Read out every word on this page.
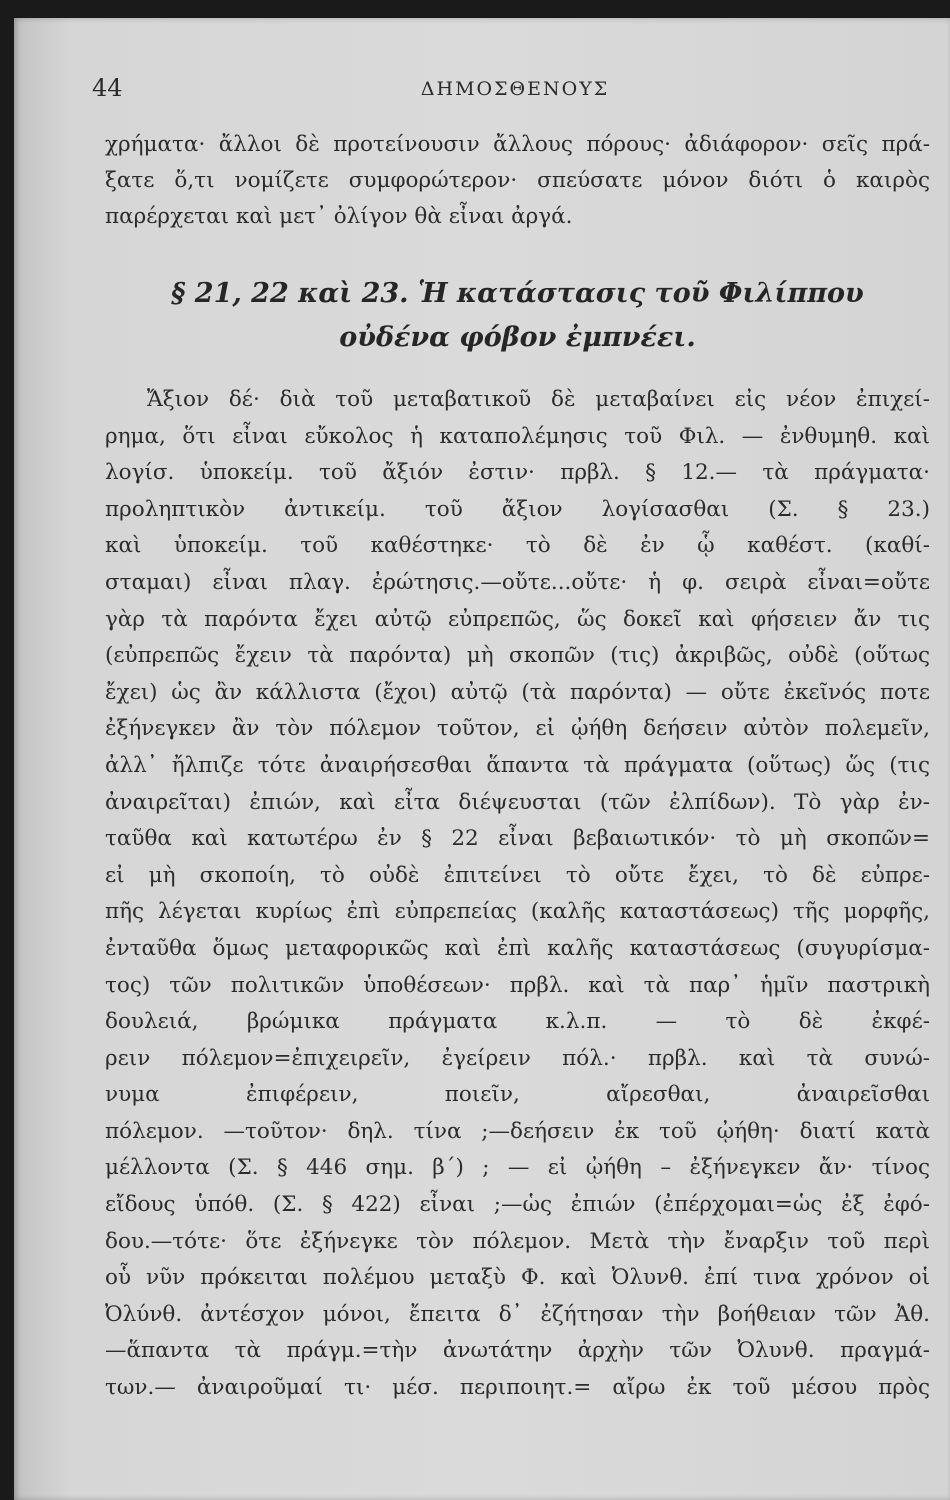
44	ΔΗΜΟΣΘΕΝΟΥΣ
χρήματα· ἄλλοι δὲ προτείνουσιν ἄλλους πόρους· ἀδιάφορον· σεῖς πρά-
ξατε ὅ,τι νομίζετε συμφορώτερον· σπεύσατε μόνον διότι ὁ καιρὸς
παρέρχεται καὶ μετ᾿ ὀλίγον θὰ εἶναι ἀργά.
§ 21, 22 καὶ 23. Ἡ κατάστασις τοῦ Φιλίππου
οὐδένα φόβον ἐμπνέει.
Ἄξιον δέ· διὰ τοῦ μεταβατικοῦ δὲ μεταβαίνει εἰς νέον ἐπιχεί-
ρημα, ὅτι εἶναι εὔκολος ἡ καταπολέμησις τοῦ Φιλ. — ἐνθυμηθ. καὶ
λογίσ. ὑποκείμ. τοῦ ἄξιόν ἐστιν· πρβλ. § 12.— τὰ πράγματα·
προληπτικὸν ἀντικείμ. τοῦ ἄξιον λογίσασθαι (Σ. § 23.)
καὶ ὑποκείμ. τοῦ καθέστηκε· τὸ δὲ ἐν ᾧ καθέστ. (καθί-
σταμαι) εἶναι πλαγ. ἐρώτησις.—οὔτε...οὔτε· ἡ φ. σειρὰ εἶναι=οὔτε
γὰρ τὰ παρόντα ἔχει αὐτῷ εὐπρεπῶς, ὥς δοκεῖ καὶ φήσειεν ἄν τις
(εὐπρεπῶς ἔχειν τὰ παρόντα) μὴ σκοπῶν (τις) ἀκριβῶς, οὐδὲ (οὕτως
ἔχει) ὡς ἂν κάλλιστα (ἔχοι) αὐτῷ (τὰ παρόντα) — οὔτε ἐκεῖνός ποτε
ἐξήνεγκεν ἂν τὸν πόλεμον τοῦτον, εἰ ᾠήθη δεήσειν αὐτὸν πολεμεῖν,
ἀλλ᾿ ἤλπιζε τότε ἀναιρήσεσθαι ἅπαντα τὰ πράγματα (οὕτως) ὥς (τις
ἀναιρεῖται) ἐπιών, καὶ εἶτα διέψευσται (τῶν ἐλπίδων). Τὸ γὰρ ἐν-
ταῦθα καὶ κατωτέρω ἐν § 22 εἶναι βεβαιωτικόν· τὸ μὴ σκοπῶν=
εἰ μὴ σκοποίη, τὸ οὐδὲ ἐπιτείνει τὸ οὔτε ἔχει, τὸ δὲ εὐπρε-
πῆς λέγεται κυρίως ἐπὶ εὐπρεπείας (καλῆς καταστάσεως) τῆς μορφῆς,
ἐνταῦθα ὅμως μεταφορικῶς καὶ ἐπὶ καλῆς καταστάσεως (συγυρίσμα-
τος) τῶν πολιτικῶν ὑποθέσεων· πρβλ. καὶ τὰ παρ᾿ ἡμῖν παστρικὴ
δουλειά, βρώμικα πράγματα κ.λ.π. — τὸ δὲ ἐκφέ-
ρειν πόλεμον=ἐπιχειρεῖν, ἐγείρειν πόλ.· πρβλ. καὶ τὰ συνώ-
νυμα ἐπιφέρειν, ποιεῖν, αἴρεσθαι, ἀναιρεῖσθαι
πόλεμον. —τοῦτον· δηλ. τίνα ;—δεήσειν ἐκ τοῦ ᾠήθη· διατί κατὰ
μέλλοντα (Σ. § 446 σημ. β´) ; — εἰ ᾠήθη – ἐξήνεγκεν ἄν· τίνος
εἴδους ὑπόθ. (Σ. § 422) εἶναι ;—ὡς ἐπιών (ἐπέρχομαι=ὡς ἐξ ἐφό-
δου.—τότε· ὅτε ἐξήνεγκε τὸν πόλεμον. Μετὰ τὴν ἔναρξιν τοῦ περὶ
οὗ νῦν πρόκειται πολέμου μεταξὺ Φ. καὶ Ὀλυνθ. ἐπί τινα χρόνον οἱ
Ὀλύνθ. ἀντέσχον μόνοι, ἔπειτα δ᾿ ἐζήτησαν τὴν βοήθειαν τῶν Ἀθ.
—ἅπαντα τὰ πράγμ.=τὴν ἀνωτάτην ἀρχὴν τῶν Ὀλυνθ. πραγμά-
των.— ἀναιροῦμαί τι· μέσ. περιποιητ.= αἴρω ἐκ τοῦ μέσου πρὸς
